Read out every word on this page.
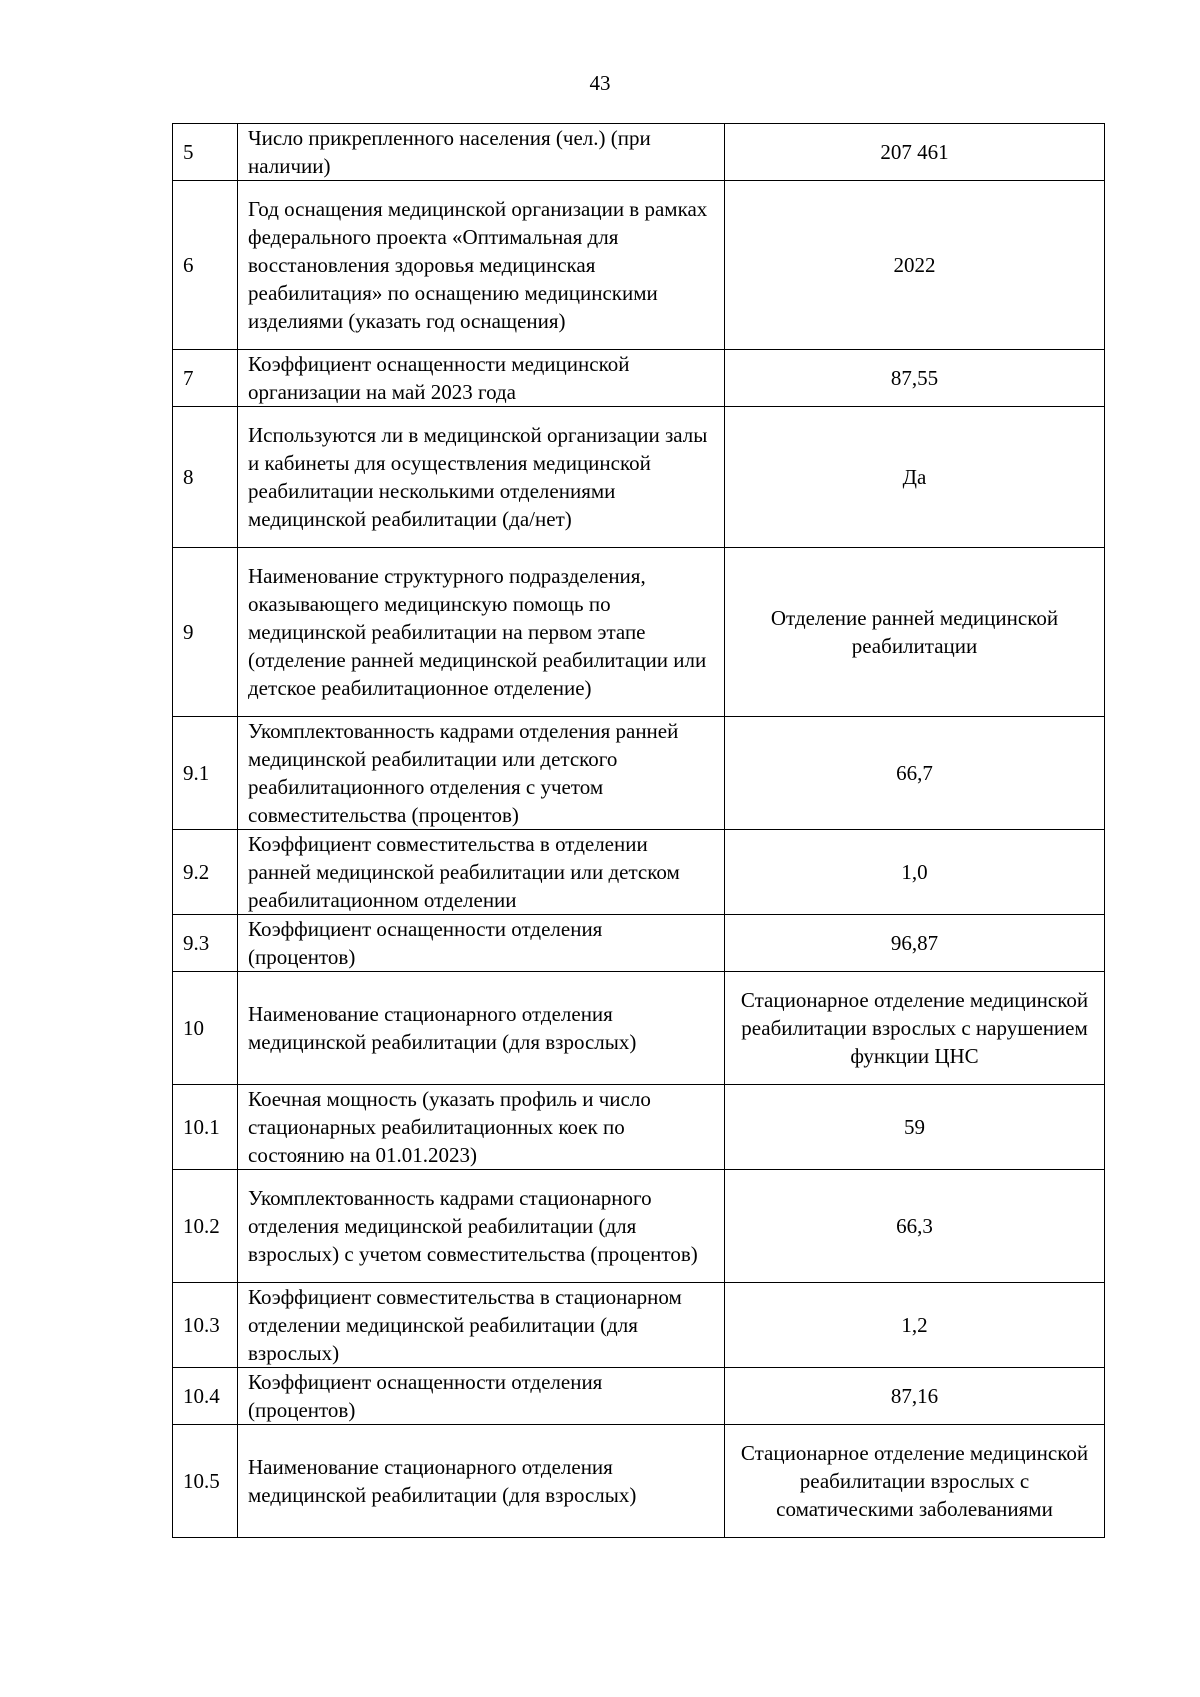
43
5	Число прикрепленного населения (чел.) (при наличии)	207 461
6	Год оснащения медицинской организации в рамках федерального проекта «Оптимальная для восстановления здоровья медицинская реабилитация» по оснащению медицинскими изделиями (указать год оснащения)	2022
7	Коэффициент оснащенности медицинской организации на май 2023 года	87,55
8	Используются ли в медицинской организации залы и кабинеты для осуществления медицинской реабилитации несколькими отделениями медицинской реабилитации (да/нет)	Да
9	Наименование структурного подразделения, оказывающего медицинскую помощь по медицинской реабилитации на первом этапе (отделение ранней медицинской реабилитации или детское реабилитационное отделение)	Отделение ранней медицинской реабилитации
9.1	Укомплектованность кадрами отделения ранней медицинской реабилитации или детского реабилитационного отделения с учетом совместительства (процентов)	66,7
9.2	Коэффициент совместительства в отделении ранней медицинской реабилитации или детском реабилитационном отделении	1,0
9.3	Коэффициент оснащенности отделения (процентов)	96,87
10	Наименование стационарного отделения медицинской реабилитации (для взрослых)	Стационарное отделение медицинской реабилитации взрослых с нарушением функции ЦНС
10.1	Коечная мощность (указать профиль и число стационарных реабилитационных коек по состоянию на 01.01.2023)	59
10.2	Укомплектованность кадрами стационарного отделения медицинской реабилитации (для взрослых) с учетом совместительства (процентов)	66,3
10.3	Коэффициент совместительства в стационарном отделении медицинской реабилитации (для взрослых)	1,2
10.4	Коэффициент оснащенности отделения (процентов)	87,16
10.5	Наименование стационарного отделения медицинской реабилитации (для взрослых)	Стационарное отделение медицинской реабилитации взрослых с соматическими заболеваниями
